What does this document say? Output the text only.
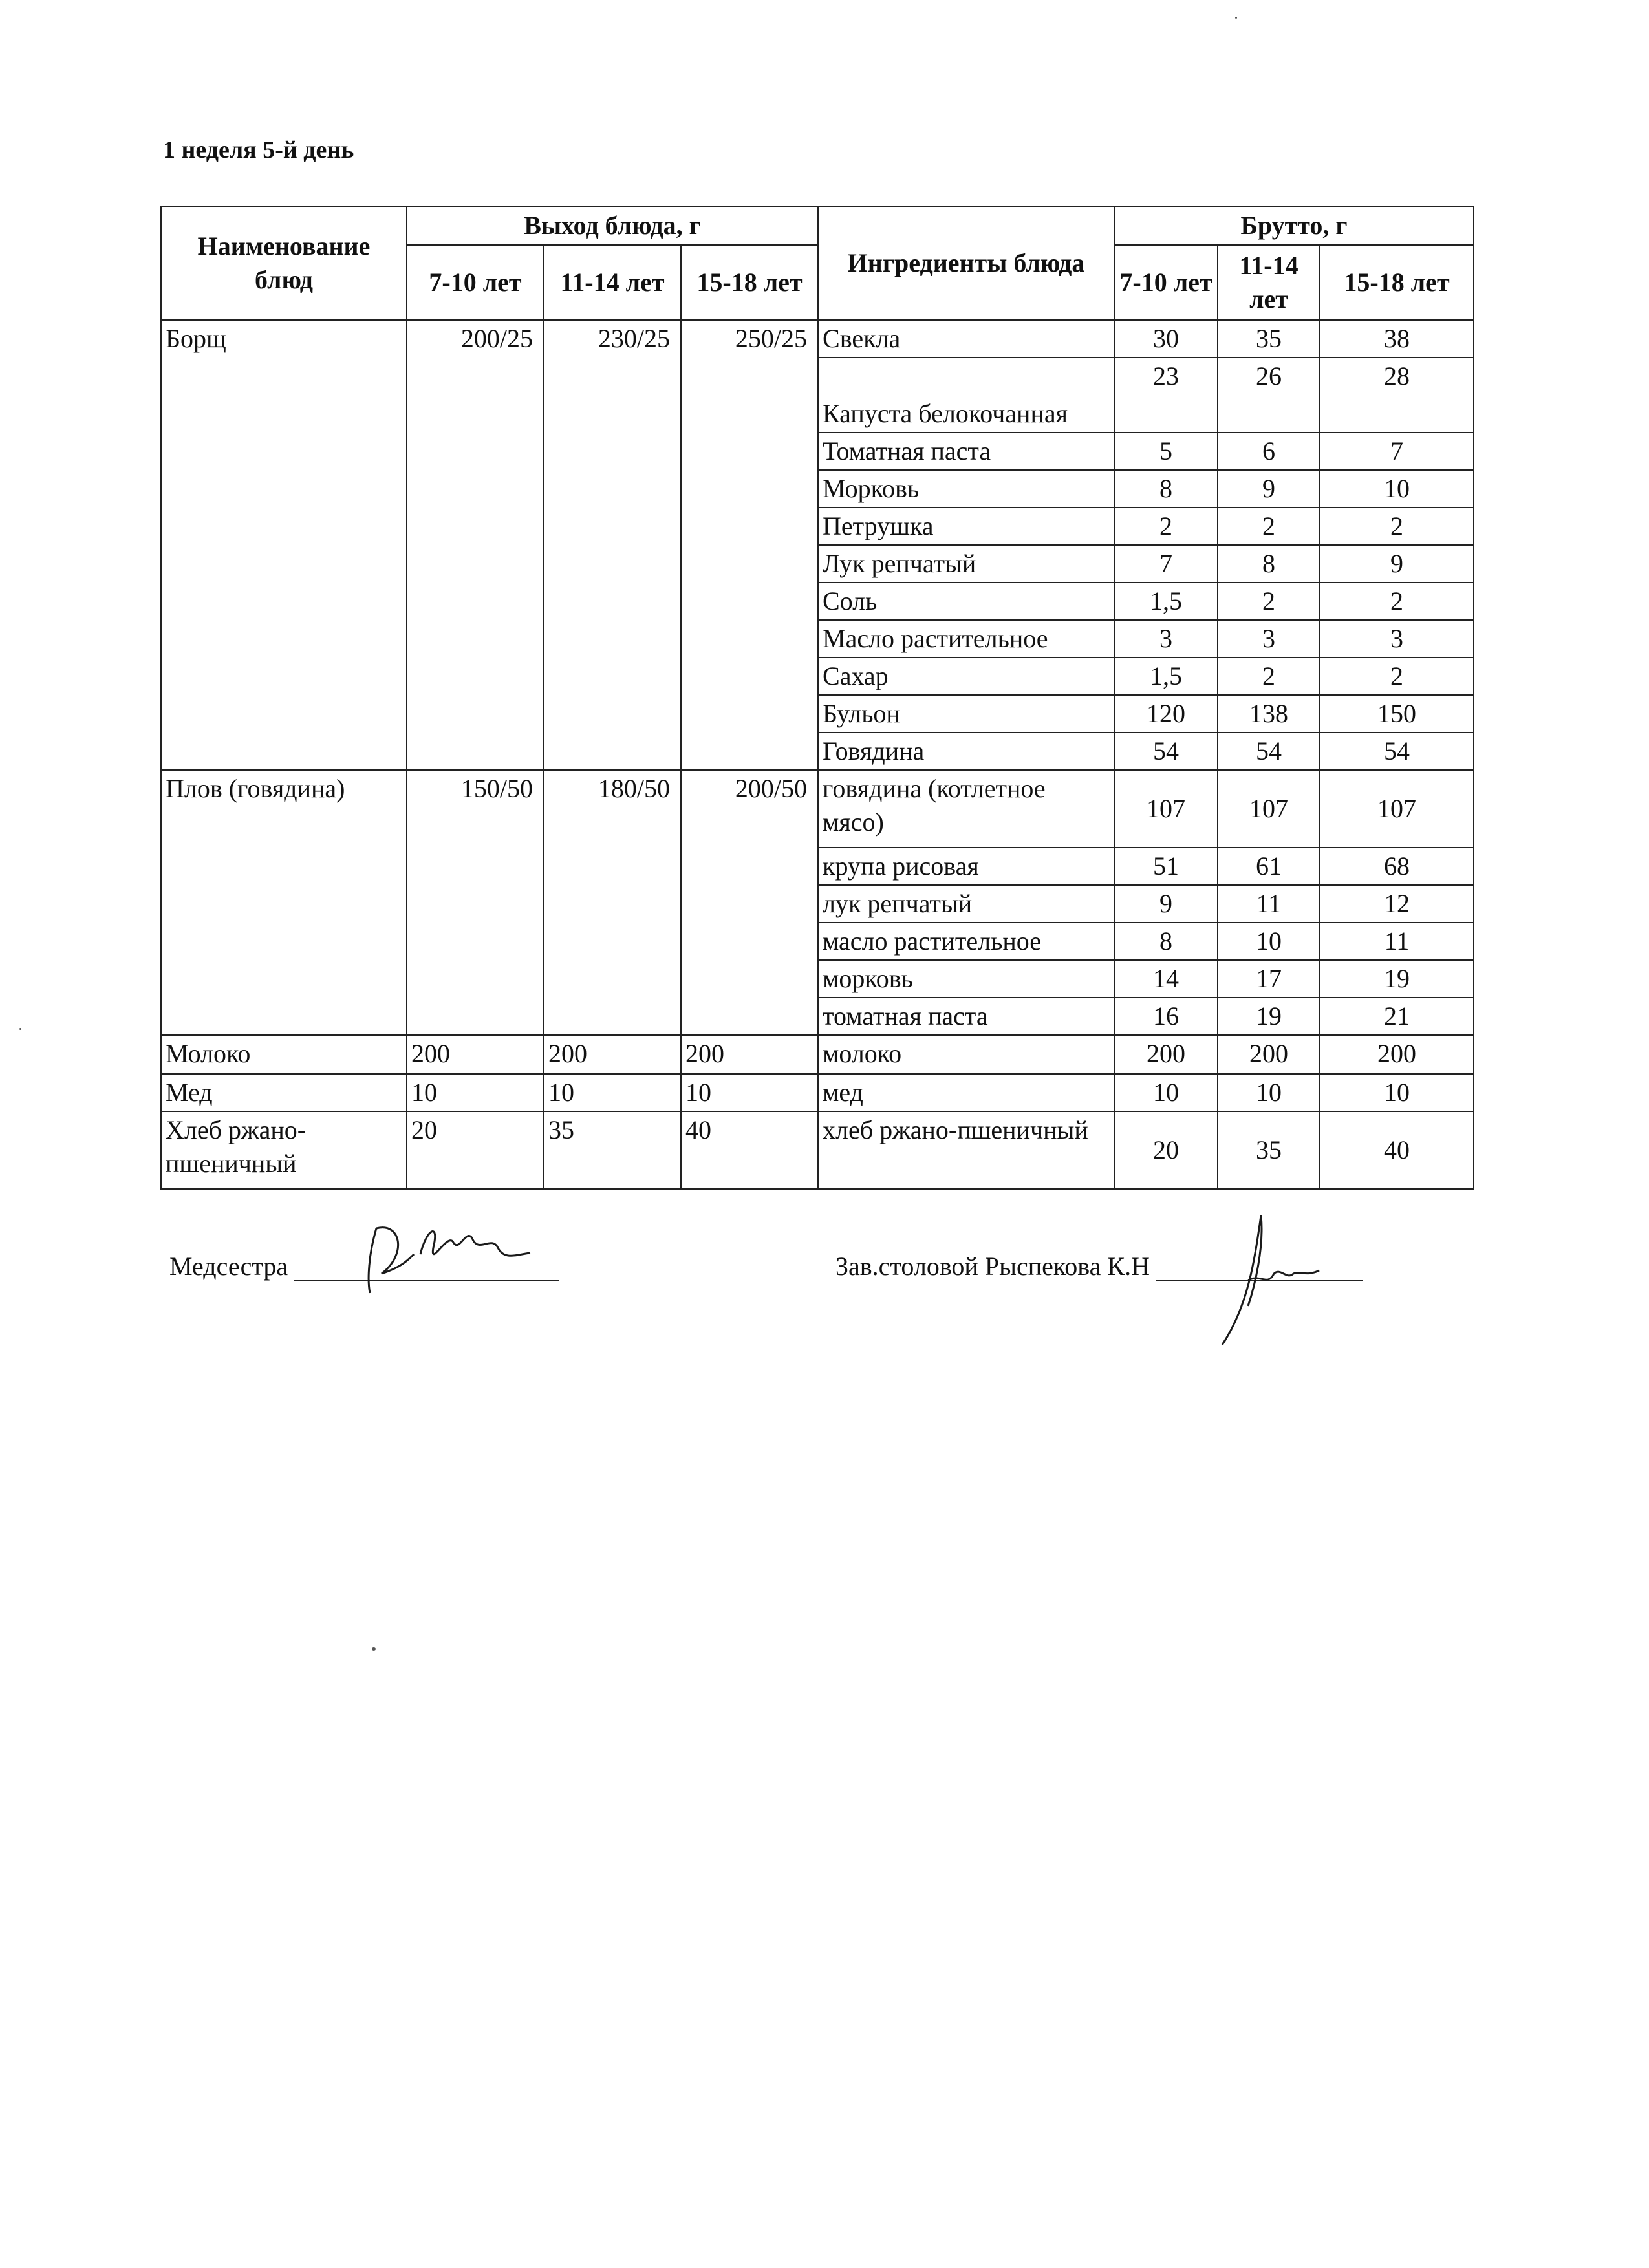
1 неделя 5-й день
Наименование блюд	Выход блюда, г			Ингредиенты блюда	Брутто, г		
	7-10 лет	11-14 лет	15-18 лет		7-10 лет	11-14 лет	15-18 лет
Борщ	200/25	230/25	250/25	Свекла	30	35	38
				Капуста белокочанная	23	26	28
				Томатная паста	5	6	7
				Морковь	8	9	10
				Петрушка	2	2	2
				Лук репчатый	7	8	9
				Соль	1,5	2	2
				Масло растительное	3	3	3
				Сахар	1,5	2	2
				Бульон	120	138	150
				Говядина	54	54	54
Плов (говядина)	150/50	180/50	200/50	говядина (котлетное мясо)	107	107	107
				крупа рисовая	51	61	68
				лук репчатый	9	11	12
				масло растительное	8	10	11
				морковь	14	17	19
				томатная паста	16	19	21
Молоко	200	200	200	молоко	200	200	200
Мед	10	10	10	мед	10	10	10
Хлеб ржано-пшеничный	20	35	40	хлеб ржано-пшеничный	20	35	40
Медсестра	Зав.столовой Рыспекова К.Н
